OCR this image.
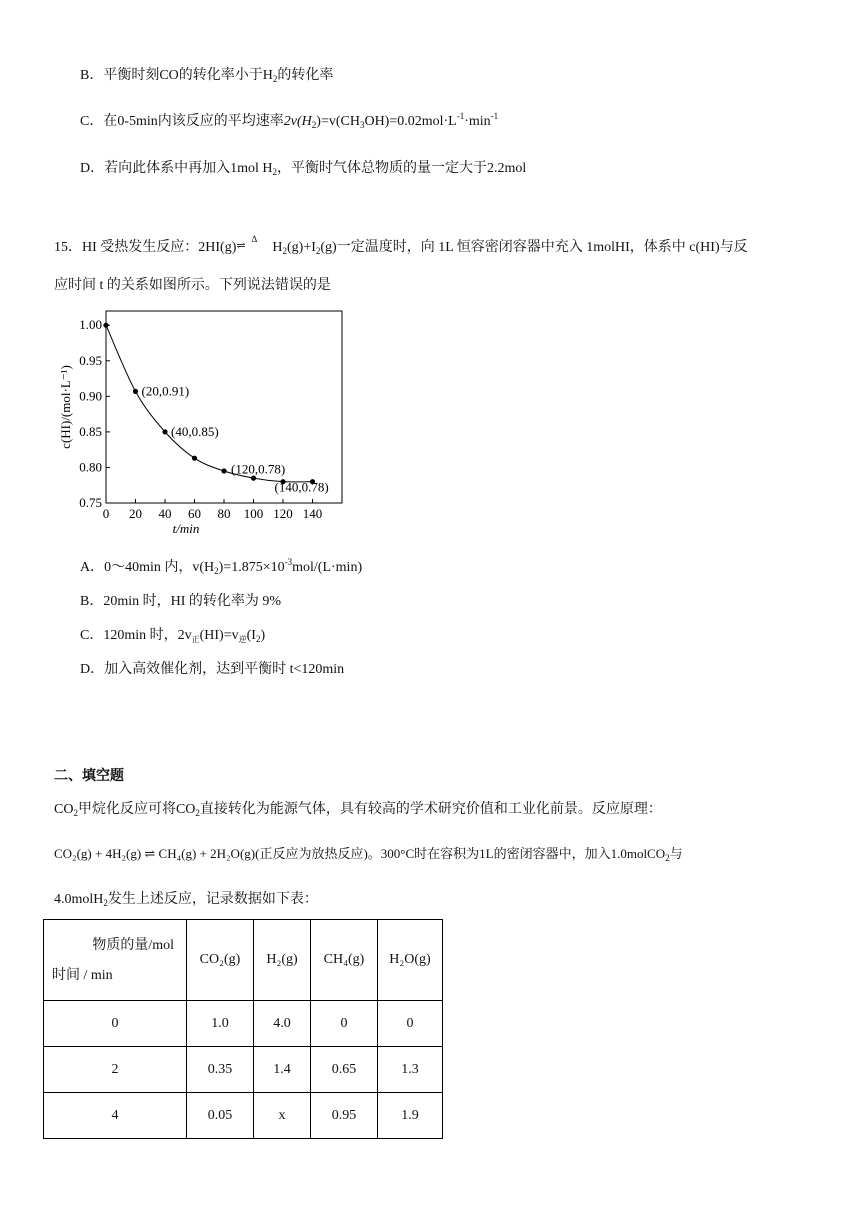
B．平衡时刻CO的转化率小于$H_2$的转化率
C．在0-5min内该反应的平均速率$2v(H_2)=v(CH_3OH)=0.02mol\cdot L^{-1}\cdot\min^{-1}$
D．若向此体系中再加入1mol $H_2$，平衡时气体总物质的量一定大于2.2mol
15．HI 受热发生反应：2HI(g)Δ⇌ $H_2(g)+I_2(g)$一定温度时，向 1L 恒容密闭容器中充入 1molHI，体系中 c(HI)与反
应时间 t 的关系如图所示。下列说法错误的是
0 20 40 60 80 100 120 140
0.75
0.80
0.85
0.90
0.95
1.00
t/min
c(HI)/(mol·L⁻¹)	(20,0.91)
(40,0.85)
(120,0.78)
(140,0.78)
A．0～40min 内，$v(H_2)=1.875\times 10^{-3}mol/(L\cdot\min)$
B．20min 时，HI 的转化率为 9%
C．120min 时，$2v_正(HI)=v_逆(I_2)$
D．加入高效催化剂，达到平衡时 t<120min
二、填空题
$CO_2$甲烷化反应可将$CO_2$直接转化为能源气体，具有较高的学术研究价值和工业化前景。反应原理：
CO₂(g) + 4H₂(g) ⇌ CH₄(g) + 2H₂O(g)(正反应为放热反应)。300°C时在容积为1L的密闭容器中，加入1.0molCO$_2$与
4.0molH$_2$发生上述反应，记录数据如下表：
物质的量/mol
时间 / min	CO₂(g)	H₂(g)	CH₄(g)	H₂O(g)
0	1.0	4.0	0	0
2	0.35	1.4	0.65	1.3
4	0.05	x	0.95	1.9
